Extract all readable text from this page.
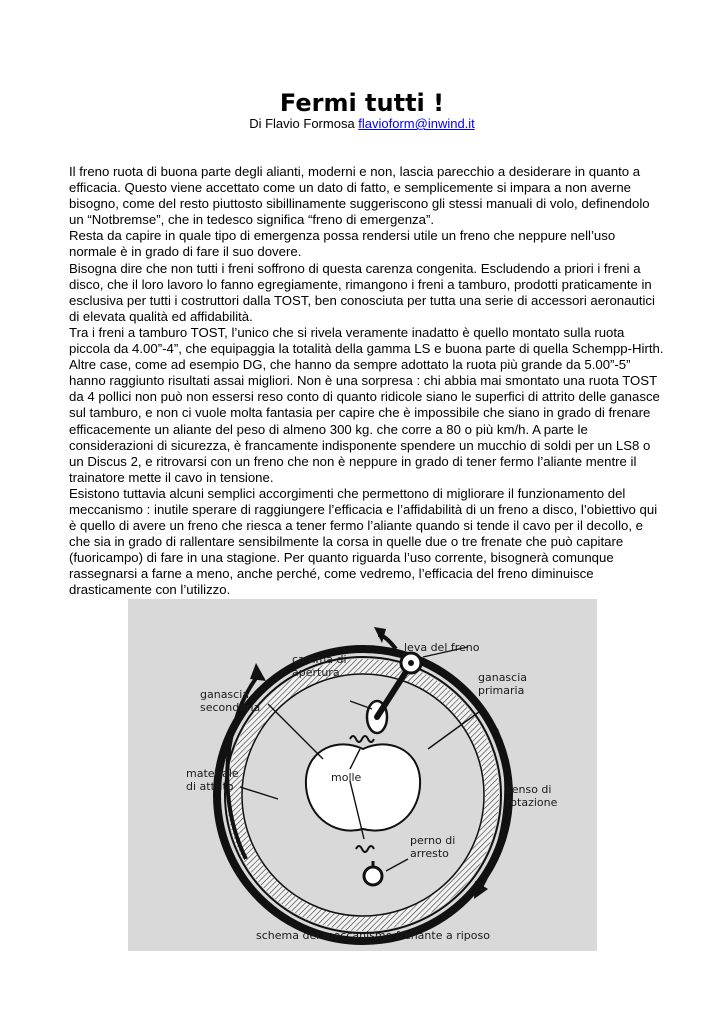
Fermi tutti !
Di Flavio Formosa flavioform@inwind.it

Il freno ruota di buona parte degli alianti, moderni e non, lascia parecchio a desiderare in quanto a efficacia. Questo viene accettato come un dato di fatto, e semplicemente si impara a non averne bisogno, come del resto piuttosto sibillinamente suggeriscono gli stessi manuali di volo, definendolo un “Notbremse”, che in tedesco significa “freno di emergenza”.

Resta da capire in quale tipo di emergenza possa rendersi utile un freno che neppure nell’uso normale è in grado di fare il suo dovere.

Bisogna dire che non tutti i freni soffrono di questa carenza congenita. Escludendo a priori i freni a disco, che il loro lavoro lo fanno egregiamente, rimangono i freni a tamburo, prodotti praticamente in esclusiva per tutti i costruttori dalla TOST, ben conosciuta per tutta una serie di accessori aeronautici di elevata qualità ed affidabilità.

Tra i freni a tamburo TOST, l’unico che si rivela veramente inadatto è quello montato sulla ruota piccola da 4.00”-4”, che equipaggia la totalità della gamma LS e buona parte di quella Schempp-Hirth. Altre case, come ad esempio DG, che hanno da sempre adottato la ruota più grande da 5.00”-5” hanno raggiunto risultati assai migliori. Non è una sorpresa : chi abbia mai smontato una ruota TOST da 4 pollici non può non essersi reso conto di quanto ridicole siano le superfici di attrito delle ganasce sul tamburo, e non ci vuole molta fantasia per capire che è impossibile che siano in grado di frenare efficacemente un aliante del peso di almeno 300 kg. che corre a 80 o più km/h. A parte le considerazioni di sicurezza, è francamente indisponente spendere un mucchio di soldi per un LS8 o un Discus 2, e ritrovarsi con un freno che non è neppure in grado di tener fermo l’aliante mentre il trainatore mette il cavo in tensione.

Esistono tuttavia alcuni semplici accorgimenti che permettono di migliorare il funzionamento del meccanismo : inutile sperare di raggiungere l’efficacia e l’affidabilità di un freno a disco, l’obiettivo qui è quello di avere un freno che riesca a tener fermo l’aliante quando si tende il cavo per il decollo, e che sia in grado di rallentare sensibilmente la corsa in quelle due o tre frenate che può capitare (fuoricampo) di fare in una stagione. Per quanto riguarda l’uso corrente, bisognerà comunque rassegnarsi a farne a meno, anche perché, come vedremo, l’efficacia del freno diminuisce drasticamente con l’utilizzo.

leva del freno
camma di
apertura
ganascia
secondaria
ganascia
primaria
materiale
di attrito
molle
senso di
rotazione
perno di
arresto
schema del meccanismo frenante a riposo
